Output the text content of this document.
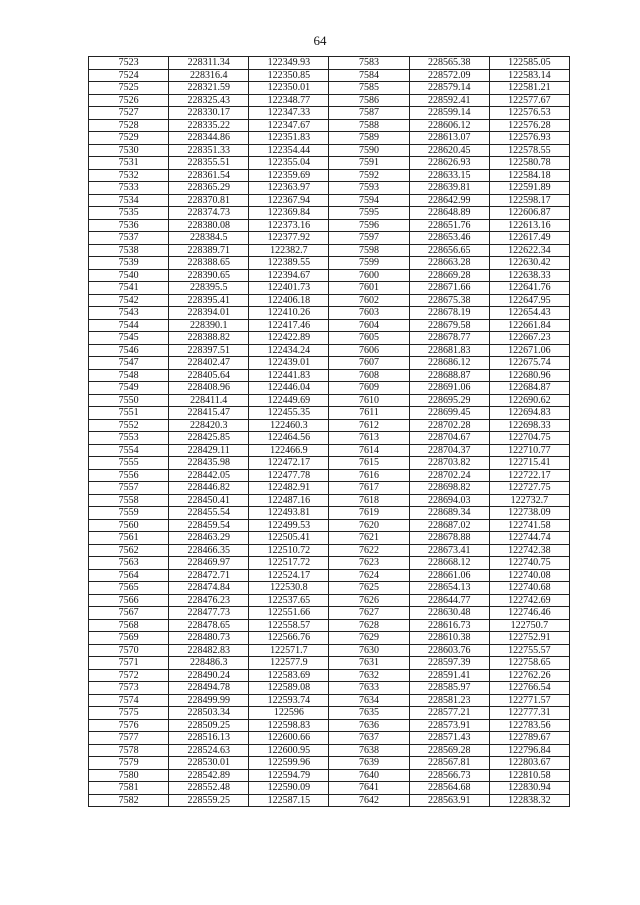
64
7523	228311.34	122349.93	7583	228565.38	122585.05
7524	228316.4	122350.85	7584	228572.09	122583.14
7525	228321.59	122350.01	7585	228579.14	122581.21
7526	228325.43	122348.77	7586	228592.41	122577.67
7527	228330.17	122347.33	7587	228599.14	122576.53
7528	228335.22	122347.67	7588	228606.12	122576.28
7529	228344.86	122351.83	7589	228613.07	122576.93
7530	228351.33	122354.44	7590	228620.45	122578.55
7531	228355.51	122355.04	7591	228626.93	122580.78
7532	228361.54	122359.69	7592	228633.15	122584.18
7533	228365.29	122363.97	7593	228639.81	122591.89
7534	228370.81	122367.94	7594	228642.99	122598.17
7535	228374.73	122369.84	7595	228648.89	122606.87
7536	228380.08	122373.16	7596	228651.76	122613.16
7537	228384.5	122377.92	7597	228653.46	122617.49
7538	228389.71	122382.7	7598	228656.65	122622.34
7539	228388.65	122389.55	7599	228663.28	122630.42
7540	228390.65	122394.67	7600	228669.28	122638.33
7541	228395.5	122401.73	7601	228671.66	122641.76
7542	228395.41	122406.18	7602	228675.38	122647.95
7543	228394.01	122410.26	7603	228678.19	122654.43
7544	228390.1	122417.46	7604	228679.58	122661.84
7545	228388.82	122422.89	7605	228678.77	122667.23
7546	228397.51	122434.24	7606	228681.83	122671.06
7547	228402.47	122439.01	7607	228686.12	122675.74
7548	228405.64	122441.83	7608	228688.87	122680.96
7549	228408.96	122446.04	7609	228691.06	122684.87
7550	228411.4	122449.69	7610	228695.29	122690.62
7551	228415.47	122455.35	7611	228699.45	122694.83
7552	228420.3	122460.3	7612	228702.28	122698.33
7553	228425.85	122464.56	7613	228704.67	122704.75
7554	228429.11	122466.9	7614	228704.37	122710.77
7555	228435.98	122472.17	7615	228703.82	122715.41
7556	228442.05	122477.78	7616	228702.24	122722.17
7557	228446.82	122482.91	7617	228698.82	122727.75
7558	228450.41	122487.16	7618	228694.03	122732.7
7559	228455.54	122493.81	7619	228689.34	122738.09
7560	228459.54	122499.53	7620	228687.02	122741.58
7561	228463.29	122505.41	7621	228678.88	122744.74
7562	228466.35	122510.72	7622	228673.41	122742.38
7563	228469.97	122517.72	7623	228668.12	122740.75
7564	228472.71	122524.17	7624	228661.06	122740.08
7565	228474.84	122530.8	7625	228654.13	122740.68
7566	228476.23	122537.65	7626	228644.77	122742.69
7567	228477.73	122551.66	7627	228630.48	122746.46
7568	228478.65	122558.57	7628	228616.73	122750.7
7569	228480.73	122566.76	7629	228610.38	122752.91
7570	228482.83	122571.7	7630	228603.76	122755.57
7571	228486.3	122577.9	7631	228597.39	122758.65
7572	228490.24	122583.69	7632	228591.41	122762.26
7573	228494.78	122589.08	7633	228585.97	122766.54
7574	228499.99	122593.74	7634	228581.23	122771.57
7575	228503.34	122596	7635	228577.21	122777.31
7576	228509.25	122598.83	7636	228573.91	122783.56
7577	228516.13	122600.66	7637	228571.43	122789.67
7578	228524.63	122600.95	7638	228569.28	122796.84
7579	228530.01	122599.96	7639	228567.81	122803.67
7580	228542.89	122594.79	7640	228566.73	122810.58
7581	228552.48	122590.09	7641	228564.68	122830.94
7582	228559.25	122587.15	7642	228563.91	122838.32
